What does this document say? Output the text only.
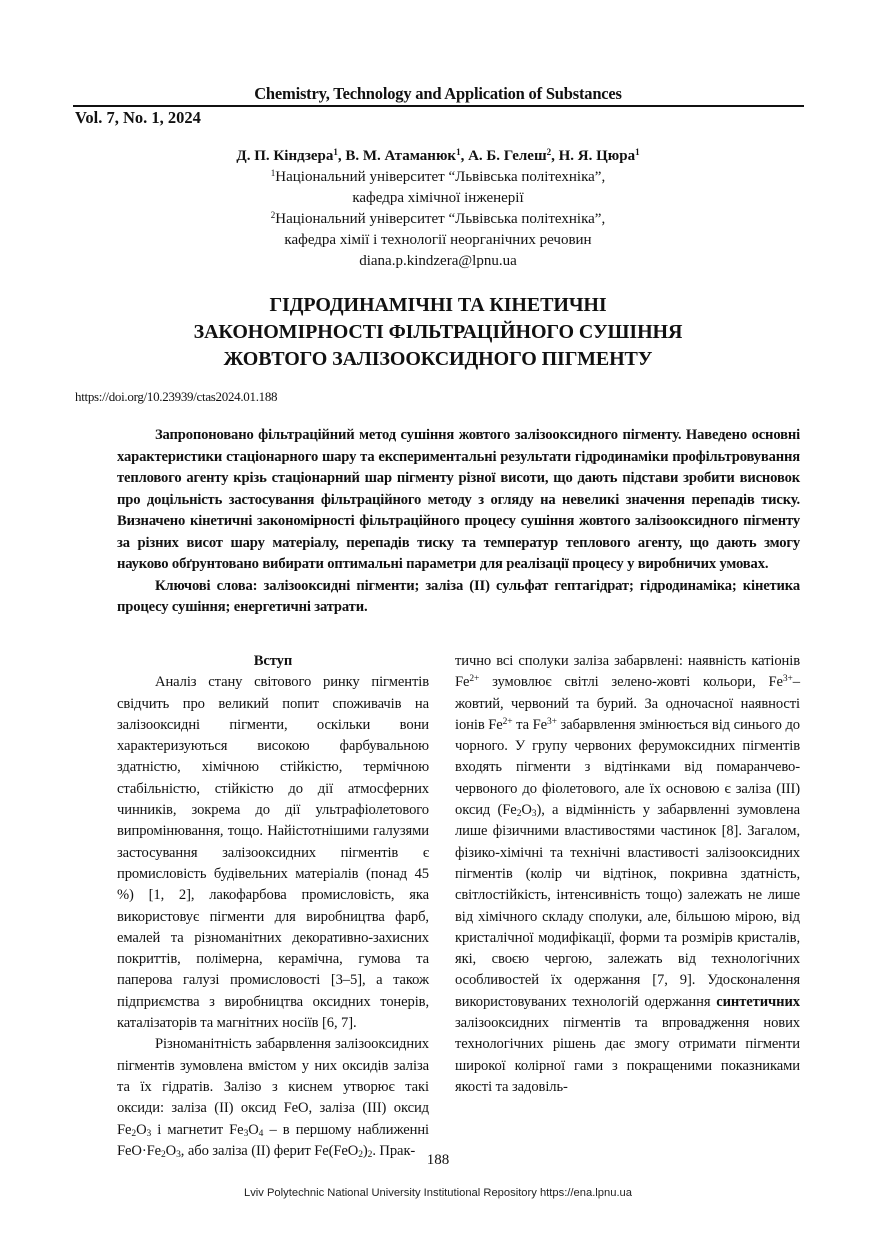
Chemistry, Technology and Application of Substances
Vol. 7, No. 1, 2024
Д. П. Кіндзера$^1$, В. М. Атаманюк$^1$, А. Б. Гелеш$^2$, Н. Я. Цюра$^1$
$^1$Національний університет “Львівська політехніка”,
кафедра хімічної інженерії
$^2$Національний університет “Львівська політехніка”,
кафедра хімії і технології неорганічних речовин
diana.p.kindzera@lpnu.ua
ГІДРОДИНАМІЧНІ ТА КІНЕТИЧНІ
ЗАКОНОМІРНОСТІ ФІЛЬТРАЦІЙНОГО СУШІННЯ
ЖОВТОГО ЗАЛІЗООКСИДНОГО ПІГМЕНТУ
https://doi.org/10.23939/ctas2024.01.188

Запропоновано фільтраційний метод сушіння жовтого залізооксидного пігменту. Наведено основні характеристики стаціонарного шару та експериментальні результати гідродинаміки профільтровування теплового агенту крізь стаціонарний шар пігменту різної висоти, що дають підстави зробити висновок про доцільність застосування фільтраційного методу з огляду на невеликі значення перепадів тиску. Визначено кінетичні закономірності фільтраційного процесу сушіння жовтого залізооксидного пігменту за різних висот шару матеріалу, перепадів тиску та температур теплового агенту, що дають змогу науково обґрунтовано вибирати оптимальні параметри для реалізації процесу у виробничих умовах.

Ключові слова: залізооксидні пігменти; заліза (II) сульфат гептагідрат; гідродинаміка; кінетика процесу сушіння; енергетичні затрати.

Вступ

Аналіз стану світового ринку пігментів свідчить про великий попит споживачів на залізооксидні пігменти, оскільки вони характеризуються високою фарбувальною здатністю, хімічною стійкістю, термічною стабільністю, стійкістю до дії атмосферних чинників, зокрема до дії ультрафіолетового випромінювання, тощо. Найістотнішими галузями застосування залізооксидних пігментів є промисловість будівельних матеріалів (понад 45 %) [1, 2], лакофарбова промисловість, яка використовує пігменти для виробництва фарб, емалей та різноманітних декоративно-захисних покриттів, полімерна, керамічна, гумова та паперова галузі промисловості [3–5], а також підприємства з виробництва оксидних тонерів, каталізаторів та магнітних носіїв [6, 7].

Різноманітність забарвлення залізооксидних пігментів зумовлена вмістом у них оксидів заліза та їх гідратів. Залізо з киснем утворює такі оксиди: заліза (II) оксид FeO, заліза (III) оксид $Fe_2O_3$ і магнетит $Fe_3O_4$ – в першому наближенні $FeO\cdot Fe_2O_3$, або заліза (II) ферит $Fe(FeO_2)_2$. Прак-

тично всі сполуки заліза забарвлені: наявність катіонів $Fe^{2+}$ зумовлює світлі зелено-жовті кольори, $Fe^{3+}-$ жовтий, червоний та бурий. За одночасної наявності іонів $Fe^{2+}$ та $Fe^{3+}$ забарвлення змінюється від синього до чорного. У групу червоних ферумоксидних пігментів входять пігменти з відтінками від помаранчево-червоного до фіолетового, але їх основою є заліза (III) оксид $(Fe_2O_3)$, а відмінність у забарвленні зумовлена лише фізичними властивостями частинок [8]. Загалом, фізико-хімічні та технічні властивості залізооксидних пігментів (колір чи відтінок, покривна здатність, світлостійкість, інтенсивність тощо) залежать не лише від хімічного складу сполуки, але, більшою мірою, від кристалічної модифікації, форми та розмірів кристалів, які, своєю чергою, залежать від технологічних особливостей їх одержання [7, 9]. Удосконалення використовуваних технологій одержання синтетичних залізооксидних пігментів та впровадження нових технологічних рішень дає змогу отримати пігменти широкої колірної гами з покращеними показниками якості та задовіль-

188
Lviv Polytechnic National University Institutional Repository https://ena.lpnu.ua
